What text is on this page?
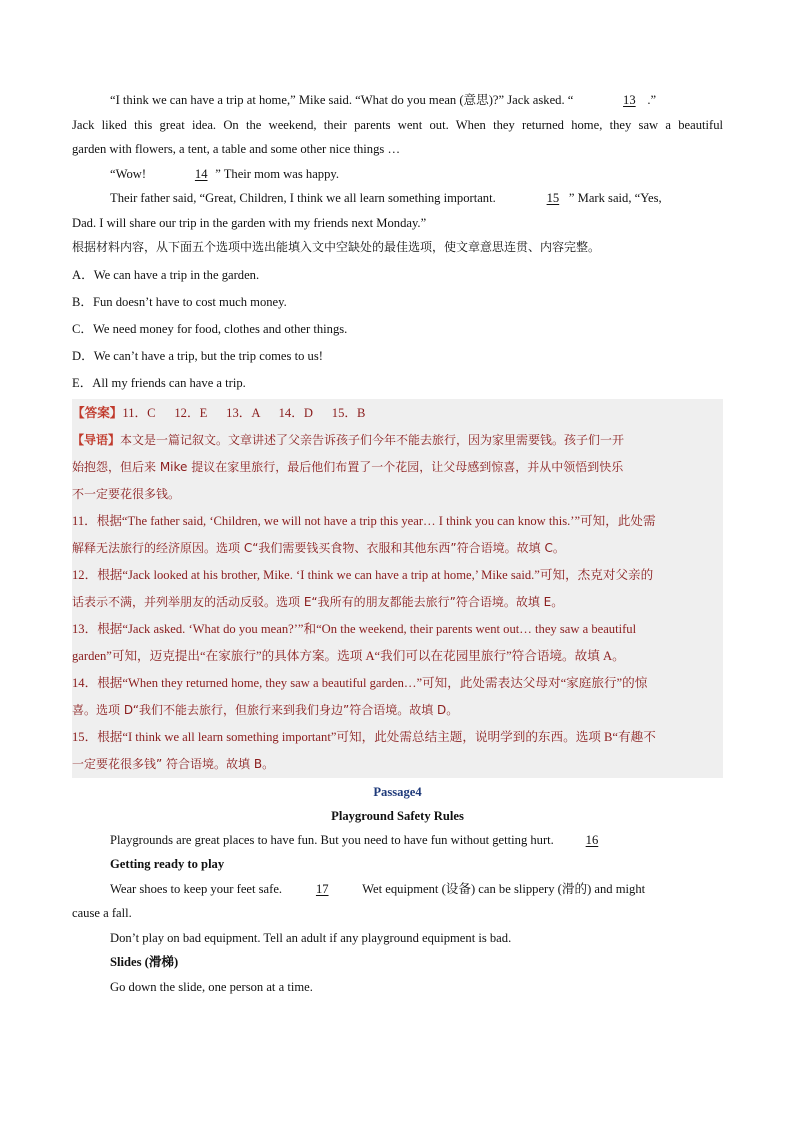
“I think we can have a trip at home,” Mike said. “What do you mean (意思)?” Jack asked. “	13 .”

Jack liked this great idea. On the weekend, their parents went out. When they returned home, they saw a beautiful

garden with flowers, a tent, a table and some other nice things …

“Wow!	14 ” Their mom was happy.

Their father said, “Great, Children, I think we all learn something important.	15 ” Mark said, “Yes,

Dad. I will share our trip in the garden with my friends next Monday.”

根据材料内容，从下面五个选项中选出能填入文中空缺处的最佳选项，使文章意思连贯、内容完整。

A．We can have a trip in the garden.

B．Fun doesn’t have to cost much money.

C．We need money for food, clothes and other things.

D．We can’t have a trip, but the trip comes to us!

E．All my friends can have a trip.

【答案】11．C      12．E      13．A      14．D      15．B

【导语】本文是一篇记叙文。文章讲述了父亲告诉孩子们今年不能去旅行，因为家里需要钱。孩子们一开

始抱怨，但后来 Mike 提议在家里旅行，最后他们布置了一个花园，让父母感到惊喜，并从中领悟到快乐

不一定要花很多钱。

11．根据“The father said, ‘Children, we will not have a trip this year… I think you can know this.’”可知，此处需

解释无法旅行的经济原因。选项 C“我们需要钱买食物、衣服和其他东西”符合语境。故填 C。

12．根据“Jack looked at his brother, Mike. ‘I think we can have a trip at home,’ Mike said.”可知，杰克对父亲的

话表示不满，并列举朋友的活动反驳。选项 E“我所有的朋友都能去旅行”符合语境。故填 E。

13．根据“Jack asked. ‘What do you mean?’”和“On the weekend, their parents went out… they saw a beautiful

garden”可知，迈克提出“在家旅行”的具体方案。选项 A“我们可以在花园里旅行”符合语境。故填 A。

14．根据“When they returned home, they saw a beautiful garden…”可知，此处需表达父母对“家庭旅行”的惊

喜。选项 D“我们不能去旅行，但旅行来到我们身边”符合语境。故填 D。

15．根据“I think we all learn something important”可知，此处需总结主题，说明学到的东西。选项 B“有趣不

一定要花很多钱” 符合语境。故填 B。

Passage4

Playground Safety Rules

Playgrounds are great places to have fun. But you need to have fun without getting hurt. 16

Getting ready to play

Wear shoes to keep your feet safe. 17 Wet equipment (设备) can be slippery (滑的) and might

cause a fall.

Don’t play on bad equipment. Tell an adult if any playground equipment is bad.

Slides (滑梯)

Go down the slide, one person at a time.
